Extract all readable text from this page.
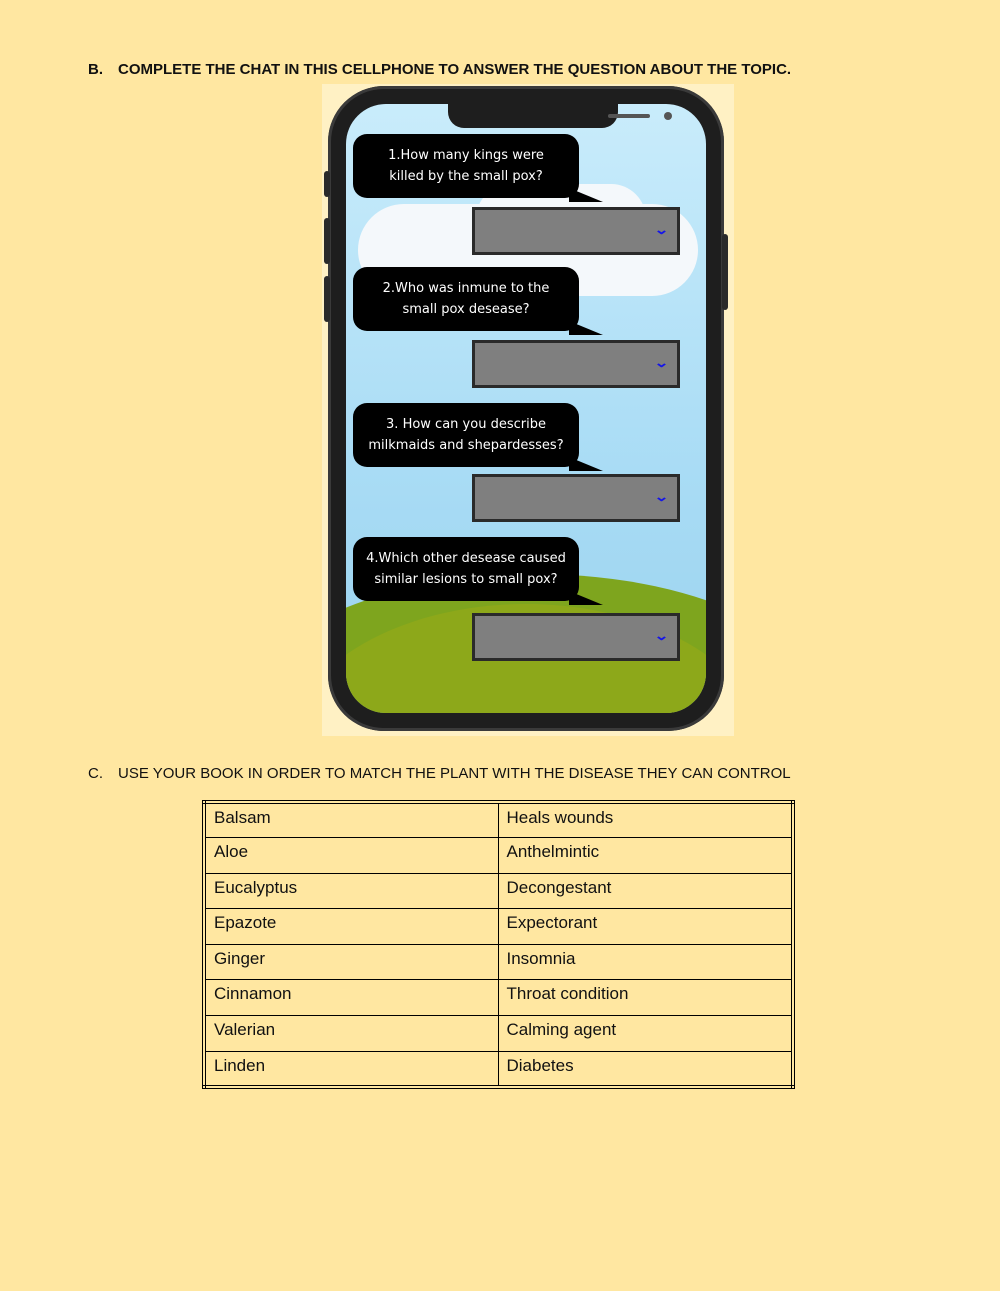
B.	COMPLETE THE CHAT IN THIS CELLPHONE TO ANSWER THE QUESTION ABOUT THE TOPIC.
1.How many kings were
killed by the small pox?
⌄
2.Who was inmune to the
small pox desease?
⌄
3. How can you describe
milkmaids and shepardesses?
⌄
4.Which other desease caused
similar lesions to small pox?
⌄
C.	USE YOUR BOOK IN ORDER TO MATCH THE PLANT WITH THE DISEASE THEY CAN CONTROL
Balsam	Heals wounds
Aloe	Anthelmintic
Eucalyptus	Decongestant
Epazote	Expectorant
Ginger	Insomnia
Cinnamon	Throat condition
Valerian	Calming agent
Linden	Diabetes
